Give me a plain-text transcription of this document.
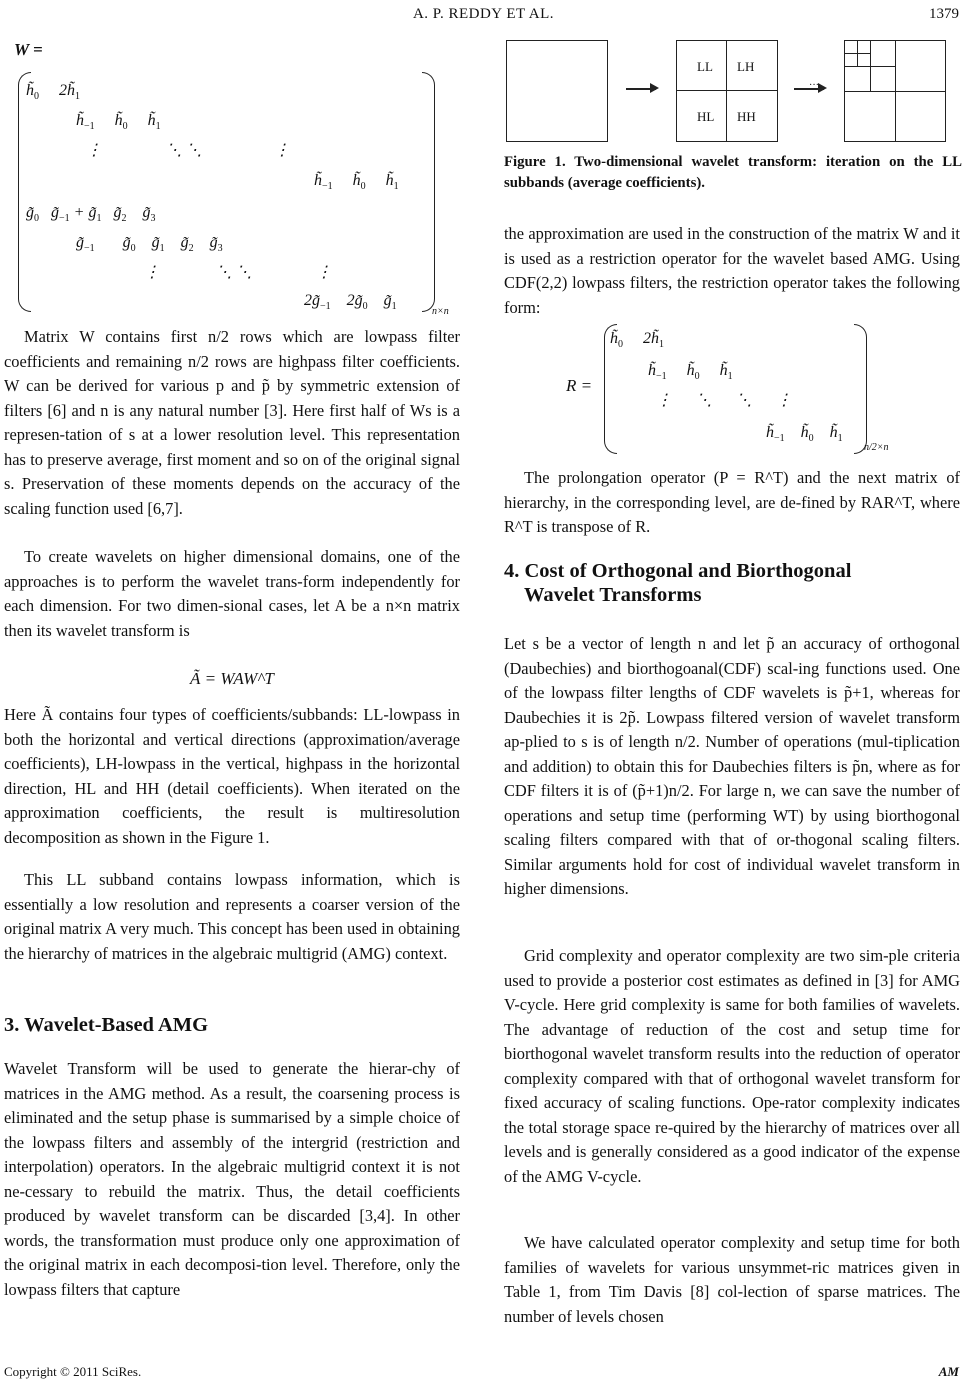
A. P. REDDY ET AL.	1379
W =
$h̃_0$     $2h̃_1$
$h̃_{-1}$     $h̃_0$     $h̃_1$
⋮                ⋱ ⋱                  ⋮
$h̃_{-1}$     $h̃_0$     $h̃_1$
$g̃_0$   $g̃_{-1}$ + $g̃_1$   $g̃_2$    $g̃_3$
$g̃_{-1}$       $g̃_0$    $g̃_1$    $g̃_2$    $g̃_3$
⋮              ⋱ ⋱                ⋮
$2g̃_{-1}$    $2g̃_0$    $g̃_1$	n×n

Matrix W contains first n/2 rows which are lowpass filter coefficients and remaining n/2 rows are highpass filter coefficients. W can be derived for various p and p̃ by symmetric extension of filters [6] and n is any natural number [3]. Here first half of Ws is a represen-tation of s at a lower resolution level. This representation has to preserve average, first moment and so on of the original signal s. Preservation of these moments depends on the accuracy of the scaling function used [6,7].

To create wavelets on higher dimensional domains, one of the approaches is to perform the wavelet trans-form independently for each dimension. For two dimen-sional cases, let A be a n×n matrix then its wavelet transform is

Ã = WAW^T

Here Ã contains four types of coefficients/subbands: LL-lowpass in both the horizontal and vertical directions (approximation/average coefficients), LH-lowpass in the vertical, highpass in the horizontal direction, HL and HH (detail coefficients). When iterated on the approximation coefficients, the result is multiresolution decomposition as shown in the Figure 1.

This LL subband contains lowpass information, which is essentially a low resolution and represents a coarser version of the original matrix A very much. This concept has been used in obtaining the hierarchy of matrices in the algebraic multigrid (AMG) context.

3. Wavelet-Based AMG

Wavelet Transform will be used to generate the hierar-chy of matrices in the AMG method. As a result, the coarsening process is eliminated and the setup phase is summarised by a simple choice of the lowpass filters and assembly of the intergrid (restriction and interpolation) operators. In the algebraic multigrid context it is not ne-cessary to rebuild the matrix. Thus, the detail coefficients produced by wavelet transform can be discarded [3,4]. In other words, the transformation must produce only one approximation of the original matrix in each decomposi-tion level. Therefore, only the lowpass filters that capture

LL LH
HL HH
···
Figure 1. Two-dimensional wavelet transform: iteration on the LL subbands (average coefficients).

the approximation are used in the construction of the matrix W and it is used as a restriction operator for the wavelet based AMG. Using CDF(2,2) lowpass filters, the restriction operator takes the following form:

R =
$h̃_0$     $2h̃_1$
$h̃_{-1}$     $h̃_0$     $h̃_1$
⋮      ⋱      ⋱      ⋮
$h̃_{-1}$    $h̃_0$    $h̃_1$
n/2×n

The prolongation operator (P = R^T) and the next matrix of hierarchy, in the corresponding level, are de-fined by RAR^T, where R^T is transpose of R.

4. Cost of Orthogonal and Biorthogonal
Wavelet Transforms

Let s be a vector of length n and let p̃ an accuracy of orthogonal (Daubechies) and biorthogoanal(CDF) scal-ing functions used. One of the lowpass filter lengths of CDF wavelets is p̃+1, whereas for Daubechies it is 2p̃. Lowpass filtered version of wavelet transform ap-plied to s is of length n/2. Number of operations (mul-tiplication and addition) to obtain this for Daubechies filters is p̃n, where as for CDF filters it is of (p̃+1)n/2. For large n, we can save the number of operations and setup time (performing WT) by using biorthogonal scaling filters compared with that of or-thogonal scaling filters. Similar arguments hold for cost of individual wavelet transform in higher dimensions.

Grid complexity and operator complexity are two sim-ple criteria used to provide a posterior cost estimates as defined in [3] for AMG V-cycle. Here grid complexity is same for both families of wavelets. The advantage of reduction of the cost and setup time for biorthogonal wavelet transform results into the reduction of operator complexity compared with that of orthogonal wavelet transform for fixed accuracy of scaling functions. Ope-rator complexity indicates the total storage space re-quired by the hierarchy of matrices over all levels and is generally considered as a good indicator of the expense of the AMG V-cycle.

We have calculated operator complexity and setup time for both families of wavelets for various unsymmet-ric matrices given in Table 1, from Tim Davis [8] col-lection of sparse matrices. The number of levels chosen

Copyright © 2011 SciRes.	AM
